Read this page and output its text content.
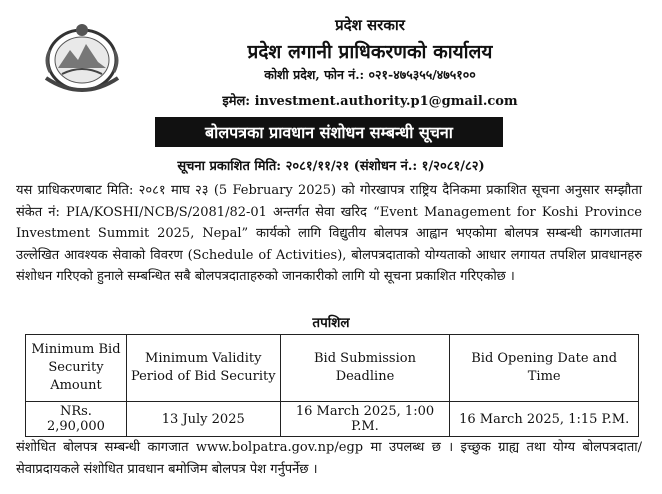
प्रदेश सरकार
प्रदेश लगानी प्राधिकरणको कार्यालय
कोशी प्रदेश, फोन नं.: ०२१-४७५३५५/४७५१००
इमेल: investment.authority.p1@gmail.com
बोलपत्रका प्रावधान संशोधन सम्बन्धी सूचना
सूचना प्रकाशित मिति: २०८१/११/२१ (संशोधन नं.: १/२०८१/८२)

यस प्राधिकरणबाट मिति: २०८१ माघ २३ (5 February 2025) को गोरखापत्र राष्ट्रिय दैनिकमा प्रकाशित सूचना अनुसार सम्झौता संकेत नं: PIA/KOSHI/NCB/S/2081/82-01 अन्तर्गत सेवा खरिद “Event Management for Koshi Province Investment Summit 2025, Nepal” कार्यको लागि विद्युतीय बोलपत्र आह्वान भएकोमा बोलपत्र सम्बन्धी कागजातमा उल्लेखित आवश्यक सेवाको विवरण (Schedule of Activities), बोलपत्रदाताको योग्यताको आधार लगायत तपशिल प्रावधानहरु संशोधन गरिएको हुनाले सम्बन्धित सबै बोलपत्रदाताहरुको जानकारीको लागि यो सूचना प्रकाशित गरिएकोछ ।

तपशिल
Minimum Bid Security Amount	Minimum Validity Period of Bid Security	Bid Submission Deadline	Bid Opening Date and Time
NRs. 2,90,000	13 July 2025	16 March 2025, 1:00 P.M.	16 March 2025, 1:15 P.M.

संशोधित बोलपत्र सम्बन्धी कागजात www.bolpatra.gov.np/egp मा उपलब्ध छ । इच्छुक ग्राह्य तथा योग्य बोलपत्रदाता/सेवाप्रदायकले संशोधित प्रावधान बमोजिम बोलपत्र पेश गर्नुपर्नेछ ।
